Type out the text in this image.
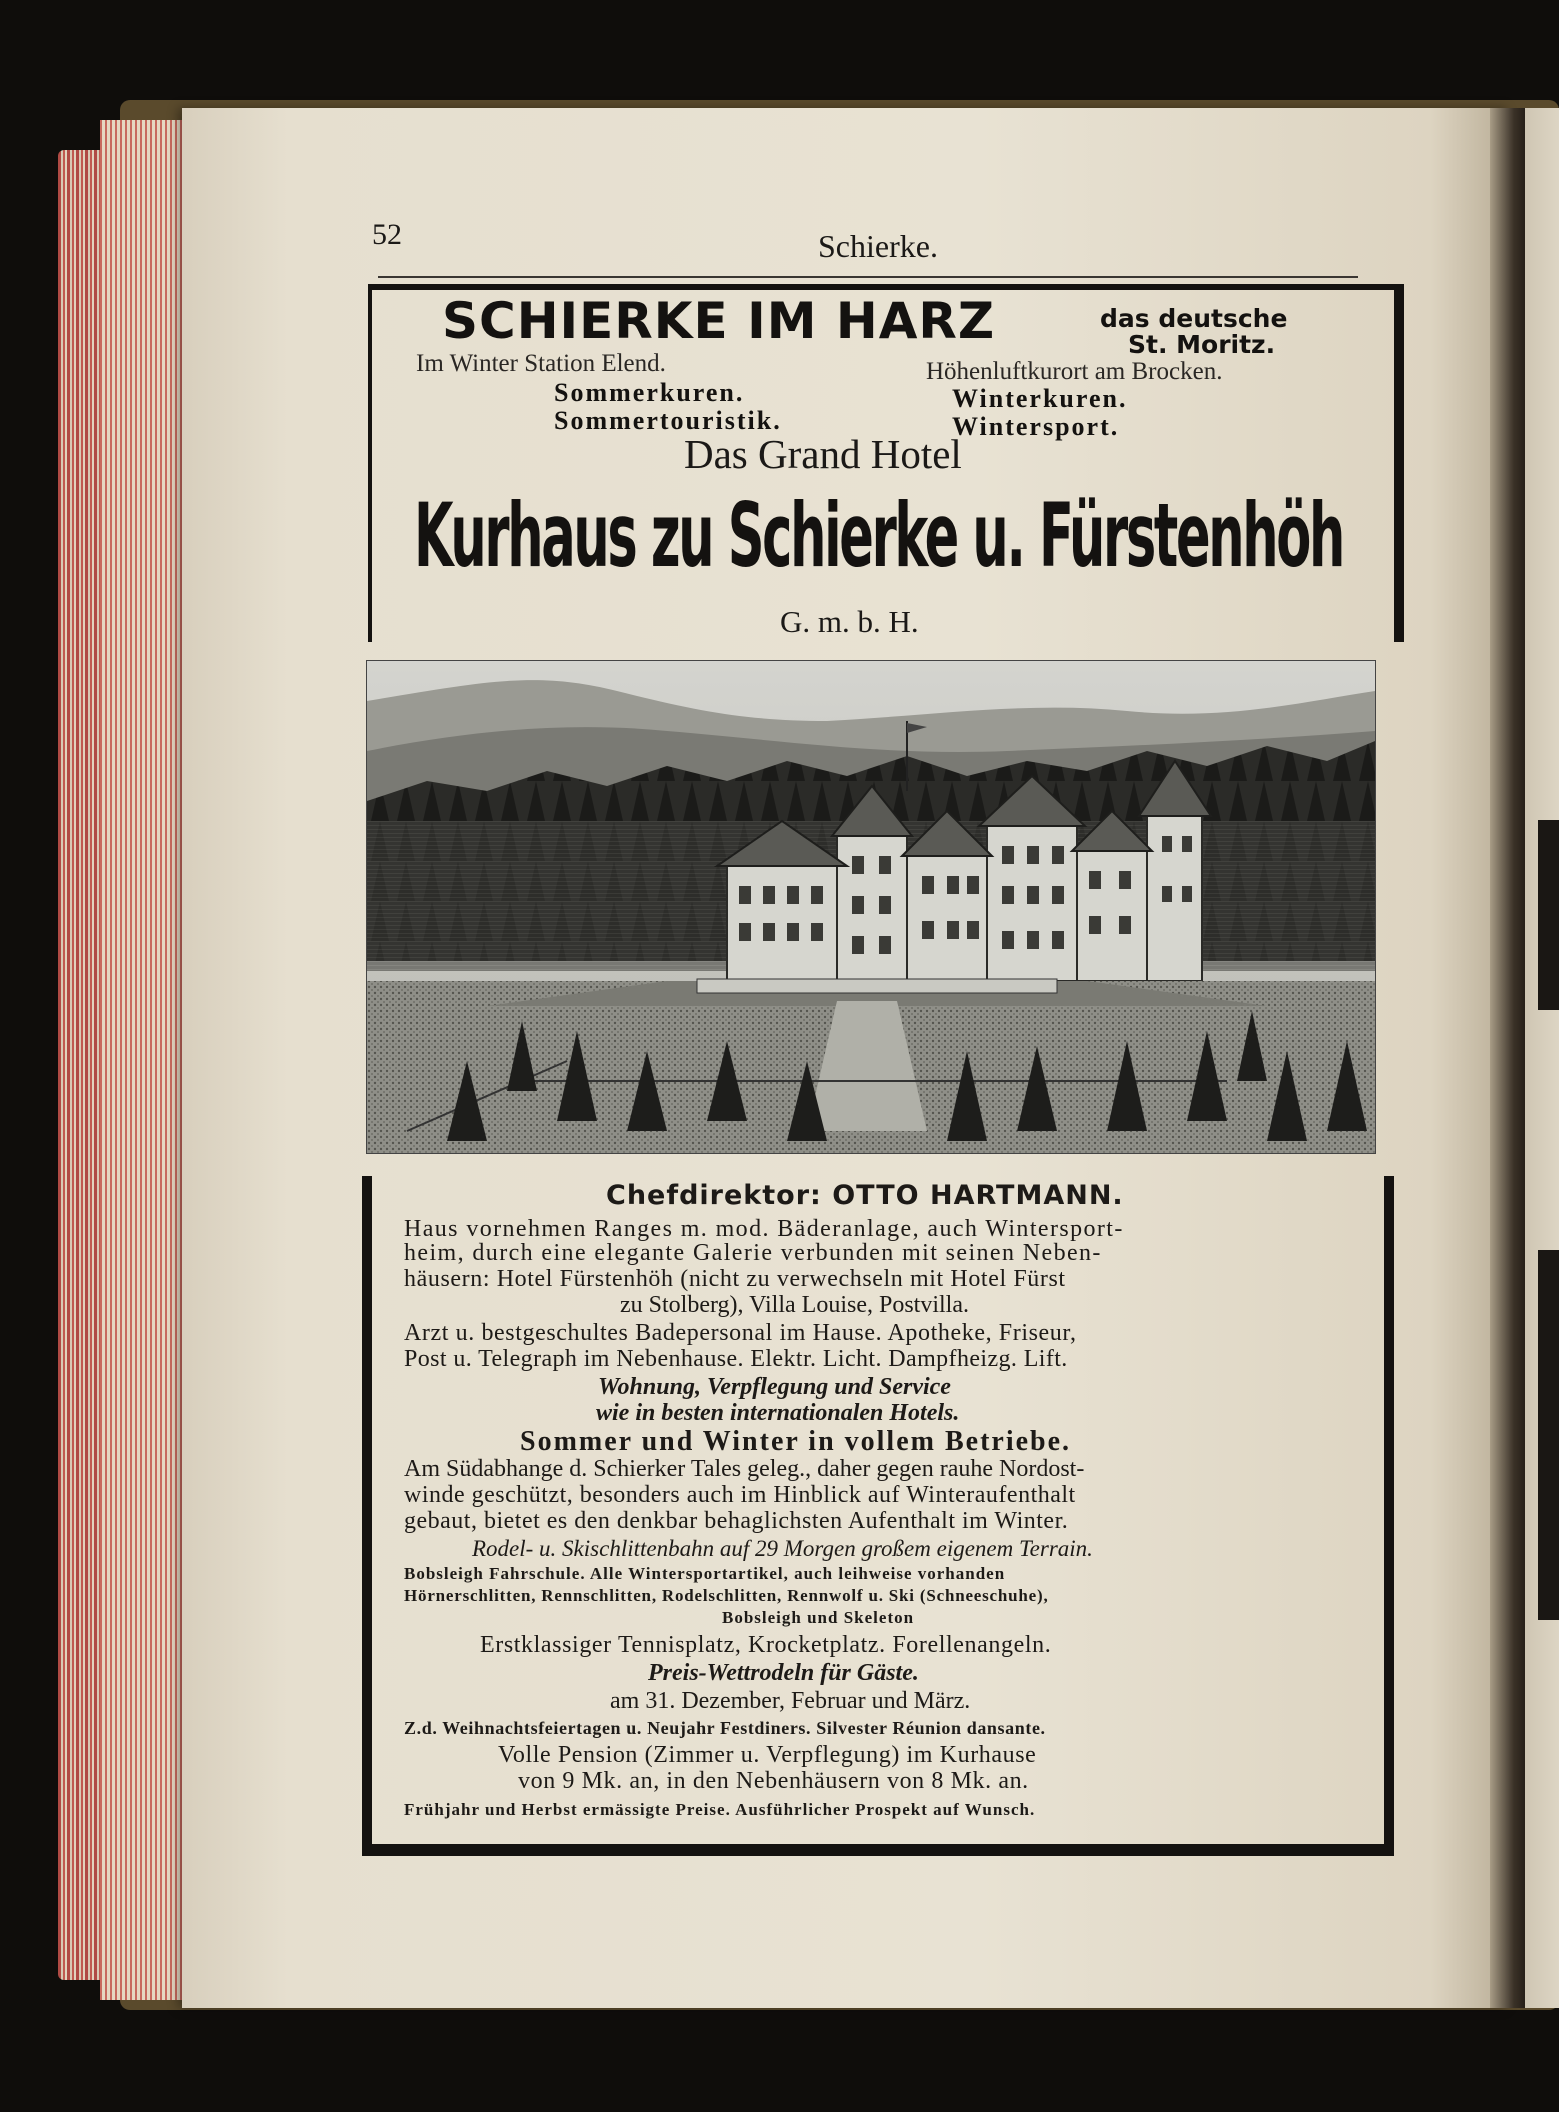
52	Schierke.
SCHIERKE IM HARZ	das deutsche
St. Moritz.
Im Winter Station Elend.	Höhenluftkurort am Brocken.
Sommerkuren.
Sommertouristik.
Winterkuren.
Wintersport.
Das Grand Hotel
Kurhaus zu Schierke u. Fürstenhöh
G. m. b. H.
Chefdirektor: OTTO HARTMANN.
Haus vornehmen Ranges m. mod. Bäderanlage, auch Wintersport-
heim, durch eine elegante Galerie verbunden mit seinen Neben-
häusern: Hotel Fürstenhöh (nicht zu verwechseln mit Hotel Fürst
zu Stolberg), Villa Louise, Postvilla.
Arzt u. bestgeschultes Badepersonal im Hause. Apotheke, Friseur,
Post u. Telegraph im Nebenhause. Elektr. Licht. Dampfheizg. Lift.
Wohnung, Verpflegung und Service
wie in besten internationalen Hotels.
Sommer und Winter in vollem Betriebe.
Am Südabhange d. Schierker Tales geleg., daher gegen rauhe Nordost-
winde geschützt, besonders auch im Hinblick auf Winteraufenthalt
gebaut, bietet es den denkbar behaglichsten Aufenthalt im Winter.
Rodel- u. Skischlittenbahn auf 29 Morgen großem eigenem Terrain.
Bobsleigh Fahrschule. Alle Wintersportartikel, auch leihweise vorhanden
Hörnerschlitten, Rennschlitten, Rodelschlitten, Rennwolf u. Ski (Schneeschuhe),
Bobsleigh und Skeleton
Erstklassiger Tennisplatz, Krocketplatz. Forellenangeln.
Preis-Wettrodeln für Gäste.
am 31. Dezember, Februar und März.
Z.d. Weihnachtsfeiertagen u. Neujahr Festdiners. Silvester Réunion dansante.
Volle Pension (Zimmer u. Verpflegung) im Kurhause
von 9 Mk. an, in den Nebenhäusern von 8 Mk. an.
Frühjahr und Herbst ermässigte Preise. Ausführlicher Prospekt auf Wunsch.
